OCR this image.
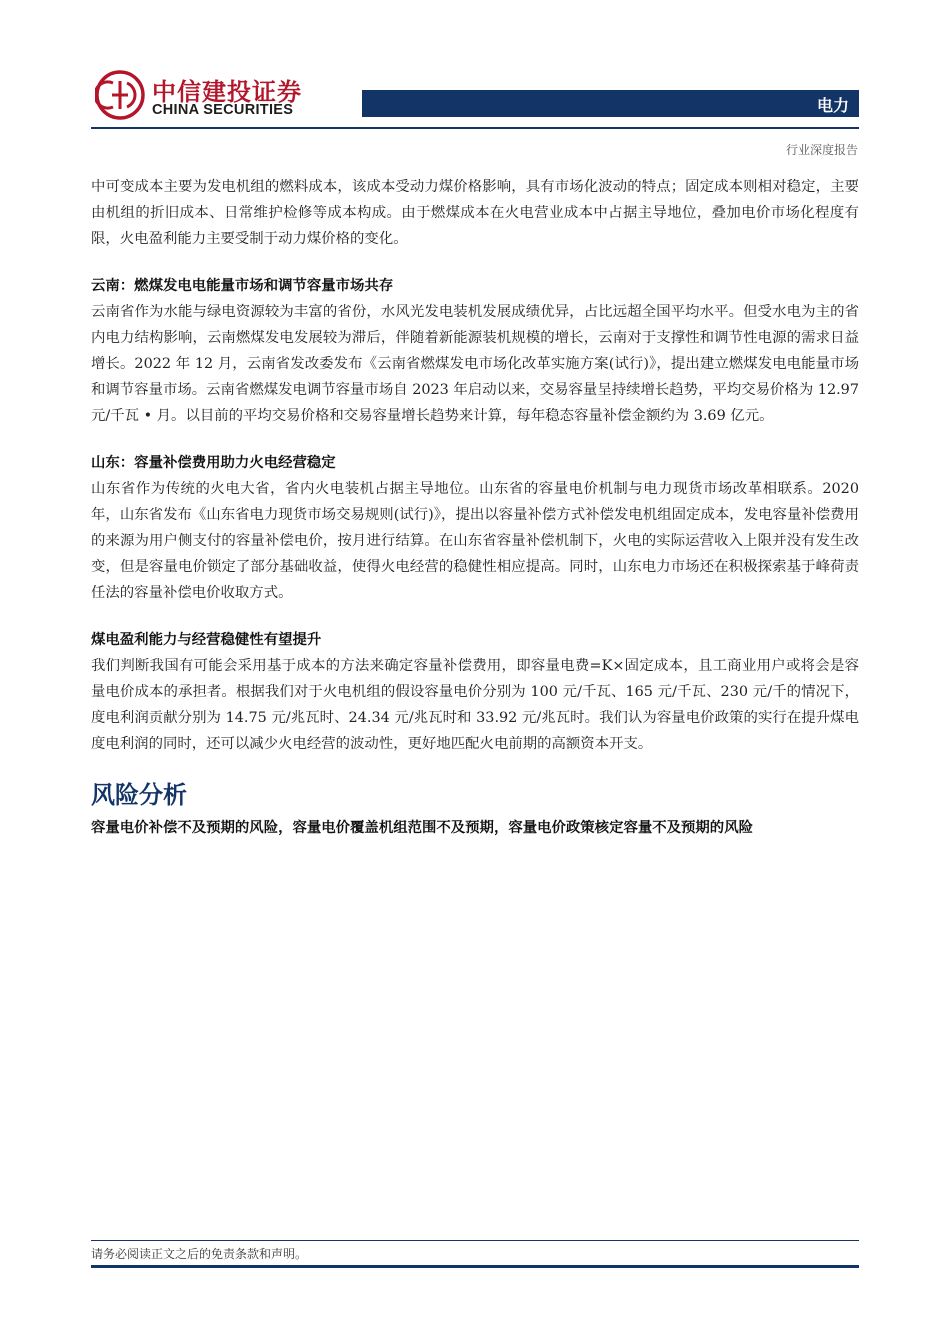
中信建投证券
CHINA SECURITIES	电力
行业深度报告

中可变成本主要为发电机组的燃料成本，该成本受动力煤价格影响，具有市场化波动的特点；固定成本则相对稳定，主要由机组的折旧成本、日常维护检修等成本构成。由于燃煤成本在火电营业成本中占据主导地位，叠加电价市场化程度有限，火电盈利能力主要受制于动力煤价格的变化。

云南：燃煤发电电能量市场和调节容量市场共存

云南省作为水能与绿电资源较为丰富的省份，水风光发电装机发展成绩优异，占比远超全国平均水平。但受水电为主的省内电力结构影响，云南燃煤发电发展较为滞后，伴随着新能源装机规模的增长，云南对于支撑性和调节性电源的需求日益增长。2022 年 12 月，云南省发改委发布《云南省燃煤发电市场化改革实施方案(试行)》，提出建立燃煤发电电能量市场和调节容量市场。云南省燃煤发电调节容量市场自 2023 年启动以来，交易容量呈持续增长趋势，平均交易价格为 12.97 元/千瓦 • 月。以目前的平均交易价格和交易容量增长趋势来计算，每年稳态容量补偿金额约为 3.69 亿元。

山东：容量补偿费用助力火电经营稳定

山东省作为传统的火电大省，省内火电装机占据主导地位。山东省的容量电价机制与电力现货市场改革相联系。2020 年，山东省发布《山东省电力现货市场交易规则(试行)》，提出以容量补偿方式补偿发电机组固定成本，发电容量补偿费用的来源为用户侧支付的容量补偿电价，按月进行结算。在山东省容量补偿机制下，火电的实际运营收入上限并没有发生改变，但是容量电价锁定了部分基础收益，使得火电经营的稳健性相应提高。同时，山东电力市场还在积极探索基于峰荷责任法的容量补偿电价收取方式。

煤电盈利能力与经营稳健性有望提升

我们判断我国有可能会采用基于成本的方法来确定容量补偿费用，即容量电费=K×固定成本，且工商业用户或将会是容量电价成本的承担者。根据我们对于火电机组的假设容量电价分别为 100 元/千瓦、165 元/千瓦、230 元/千的情况下，度电利润贡献分别为 14.75 元/兆瓦时、24.34 元/兆瓦时和 33.92 元/兆瓦时。我们认为容量电价政策的实行在提升煤电度电利润的同时，还可以减少火电经营的波动性，更好地匹配火电前期的高额资本开支。

风险分析

容量电价补偿不及预期的风险，容量电价覆盖机组范围不及预期，容量电价政策核定容量不及预期的风险

请务必阅读正文之后的免责条款和声明。
